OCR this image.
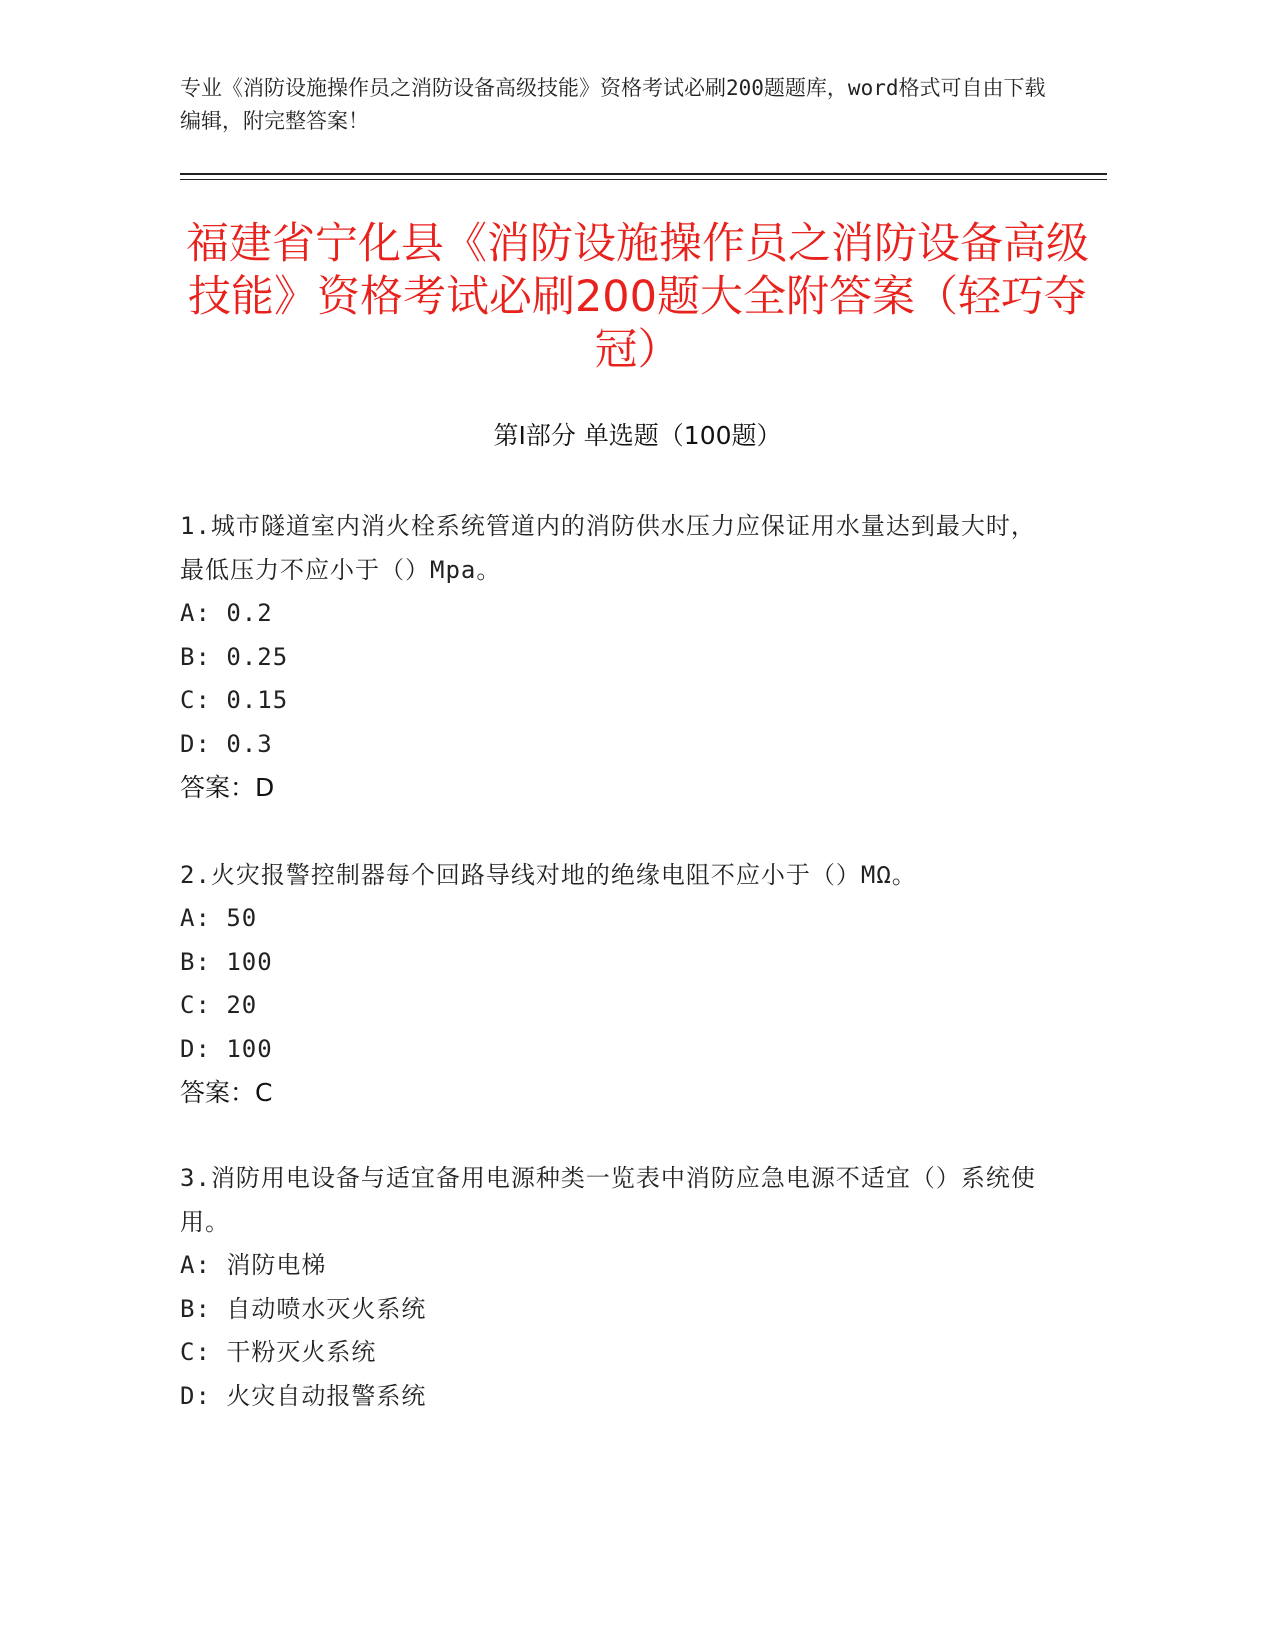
专业《消防设施操作员之消防设备高级技能》资格考试必刷200题题库，word格式可自由下载编辑，附完整答案！
福建省宁化县《消防设施操作员之消防设备高级技能》资格考试必刷200题大全附答案（轻巧夺冠）
第Ⅰ部分 单选题（100题）
1.城市隧道室内消火栓系统管道内的消防供水压力应保证用水量达到最大时，最低压力不应小于（）Mpa。
A: 0.2
B: 0.25
C: 0.15
D: 0.3
答案：D
2.火灾报警控制器每个回路导线对地的绝缘电阻不应小于（）MΩ。
A: 50
B: 100
C: 20
D: 100
答案：C
3.消防用电设备与适宜备用电源种类一览表中消防应急电源不适宜（）系统使用。
A: 消防电梯
B: 自动喷水灭火系统
C: 干粉灭火系统
D: 火灾自动报警系统
